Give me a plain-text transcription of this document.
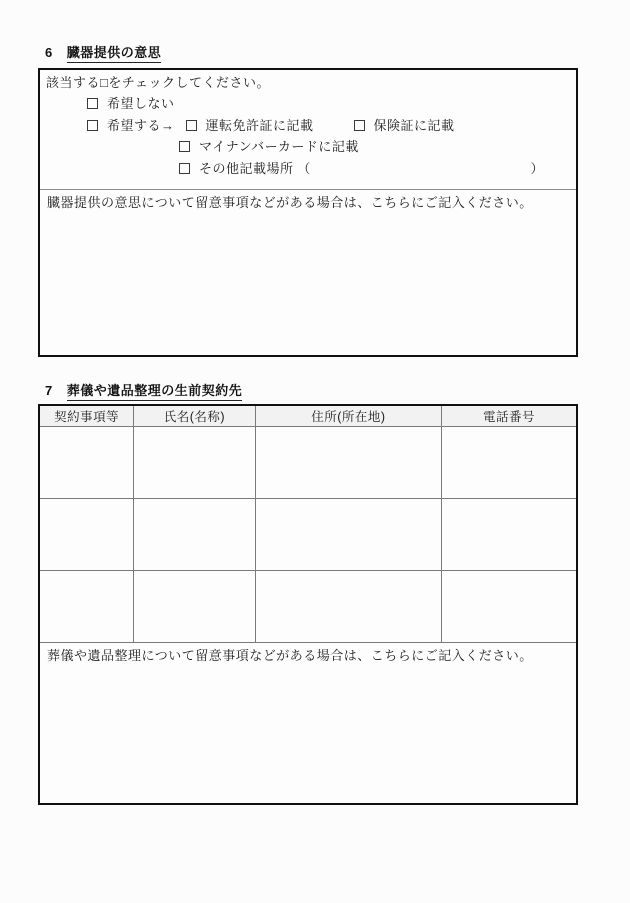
6 臓器提供の意思
該当する□をチェックしてください。
希望しない
希望する→ 運転免許証に記載	保険証に記載
マイナンバーカードに記載
その他記載場所 （	）
臓器提供の意思について留意事項などがある場合は、こちらにご記入ください。
7 葬儀や遺品整理の生前契約先
契約事項等	氏名(名称)	住所(所在地)	電話番号

葬儀や遺品整理について留意事項などがある場合は、こちらにご記入ください。			
